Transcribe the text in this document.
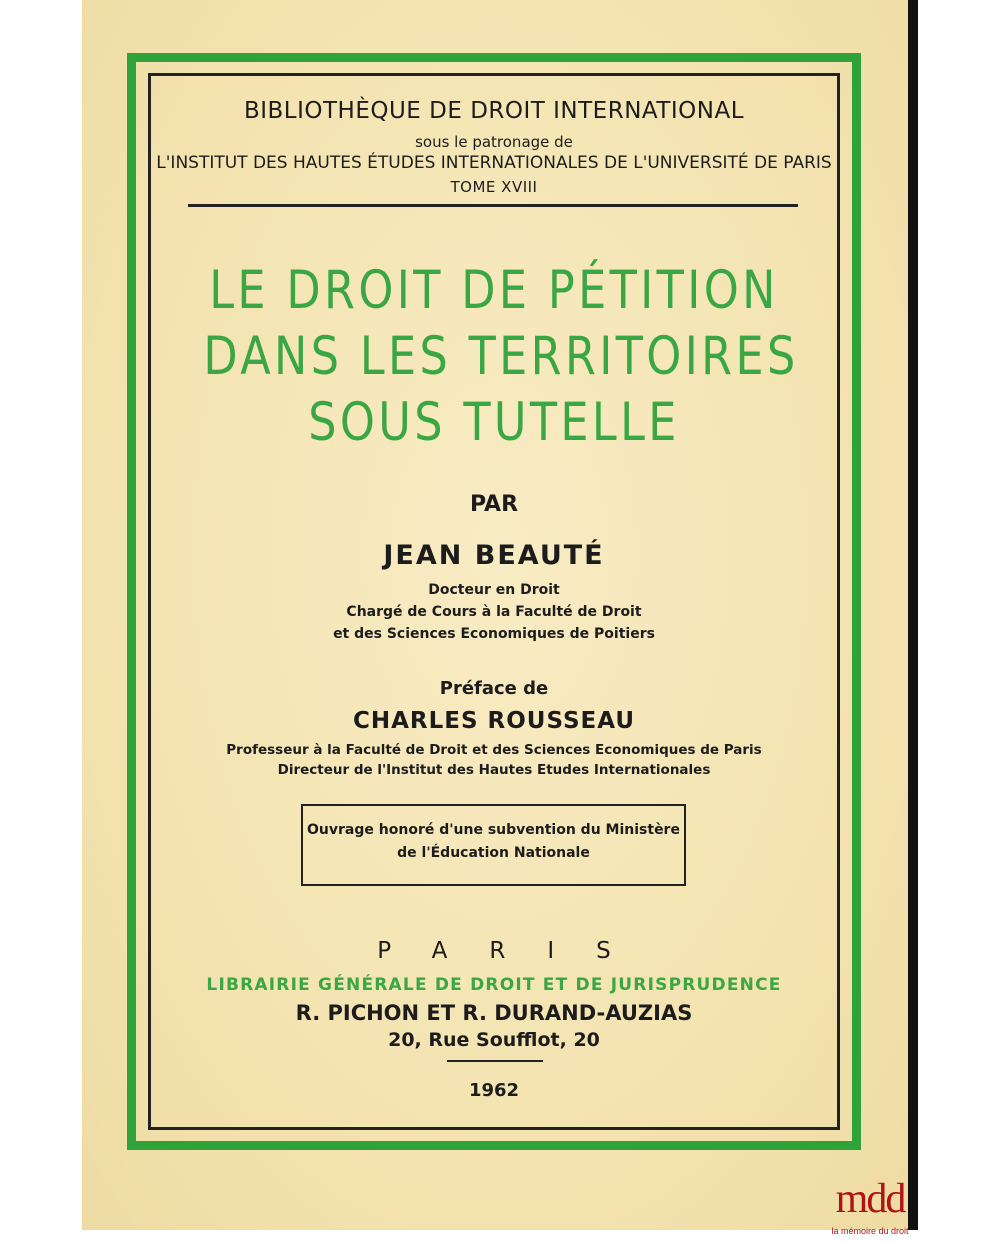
BIBLIOTHÈQUE DE DROIT INTERNATIONAL
sous le patronage de
L'INSTITUT DES HAUTES ÉTUDES INTERNATIONALES DE L'UNIVERSITÉ DE PARIS
TOME XVIII
LE DROIT DE PÉTITION
DANS LES TERRITOIRES
SOUS TUTELLE
PAR
JEAN BEAUTÉ
Docteur en Droit
Chargé de Cours à la Faculté de Droit
et des Sciences Economiques de Poitiers
Préface de
CHARLES ROUSSEAU
Professeur à la Faculté de Droit et des Sciences Economiques de Paris
Directeur de l'Institut des Hautes Etudes Internationales
Ouvrage honoré d'une subvention du Ministère
de l'Éducation Nationale
PARIS
LIBRAIRIE GÉNÉRALE DE DROIT ET DE JURISPRUDENCE
R. PICHON ET R. DURAND-AUZIAS
20, Rue Soufflot, 20
1962
mdd
la mémoire du droit
